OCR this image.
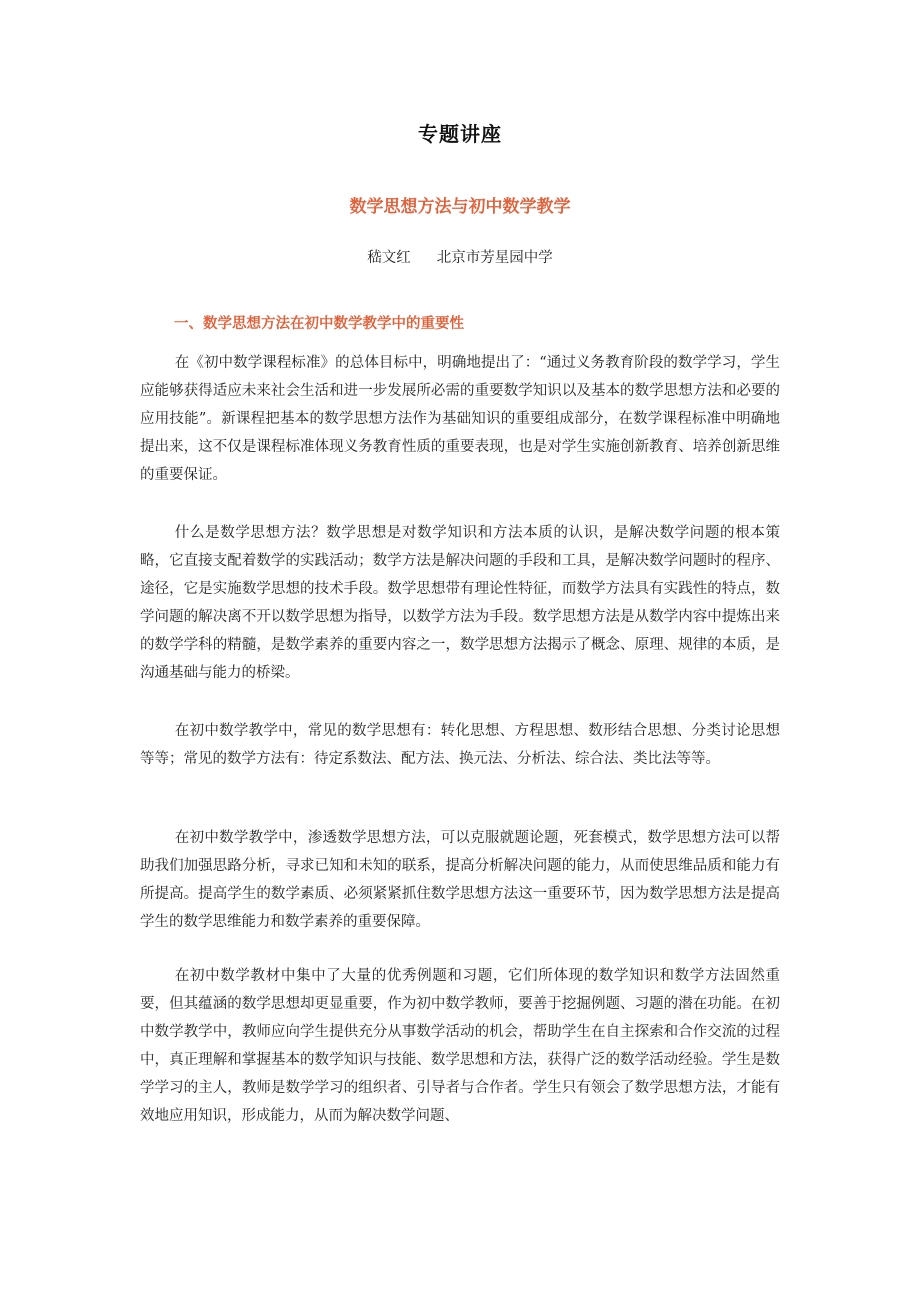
专题讲座
数学思想方法与初中数学教学
嵇文红 北京市芳星园中学
一、数学思想方法在初中数学教学中的重要性

在《初中数学课程标准》的总体目标中，明确地提出了：“通过义务教育阶段的数学学习，学生应能够获得适应未来社会生活和进一步发展所必需的重要数学知识以及基本的数学思想方法和必要的应用技能”。新课程把基本的数学思想方法作为基础知识的重要组成部分，在数学课程标准中明确地提出来，这不仅是课程标准体现义务教育性质的重要表现，也是对学生实施创新教育、培养创新思维的重要保证。

什么是数学思想方法？数学思想是对数学知识和方法本质的认识，是解决数学问题的根本策略，它直接支配着数学的实践活动；数学方法是解决问题的手段和工具，是解决数学问题时的程序、途径，它是实施数学思想的技术手段。数学思想带有理论性特征，而数学方法具有实践性的特点，数学问题的解决离不开以数学思想为指导，以数学方法为手段。数学思想方法是从数学内容中提炼出来的数学学科的精髓，是数学素养的重要内容之一，数学思想方法揭示了概念、原理、规律的本质，是沟通基础与能力的桥梁。

在初中数学教学中，常见的数学思想有：转化思想、方程思想、数形结合思想、分类讨论思想等等；常见的数学方法有：待定系数法、配方法、换元法、分析法、综合法、类比法等等。

在初中数学教学中，渗透数学思想方法，可以克服就题论题，死套模式，数学思想方法可以帮助我们加强思路分析，寻求已知和未知的联系，提高分析解决问题的能力，从而使思维品质和能力有所提高。提高学生的数学素质、必须紧紧抓住数学思想方法这一重要环节，因为数学思想方法是提高学生的数学思维能力和数学素养的重要保障。

在初中数学教材中集中了大量的优秀例题和习题，它们所体现的数学知识和数学方法固然重要，但其蕴涵的数学思想却更显重要，作为初中数学教师，要善于挖掘例题、习题的潜在功能。在初中数学教学中，教师应向学生提供充分从事数学活动的机会，帮助学生在自主探索和合作交流的过程中，真正理解和掌握基本的数学知识与技能、数学思想和方法，获得广泛的数学活动经验。学生是数学学习的主人，教师是数学学习的组织者、引导者与合作者。学生只有领会了数学思想方法，才能有效地应用知识，形成能力，从而为解决数学问题、
